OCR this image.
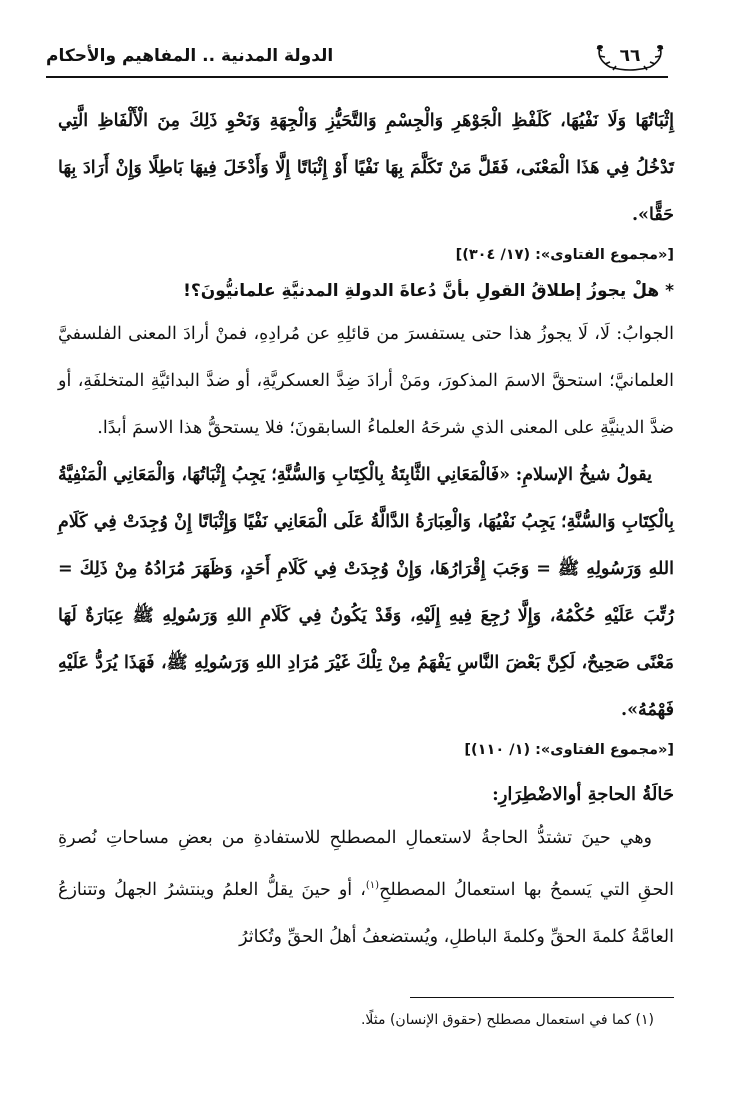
٦٦
الدولة المدنية .. المفاهيم والأحكام

إِثْبَاتُهَا وَلَا نَفْيُهَا، كَلَفْظِ الْجَوْهَرِ وَالْجِسْمِ وَالتَّحَيُّزِ وَالْجِهَةِ وَنَحْوِ ذَلِكَ مِنَ الْأَلْفَاظِ الَّتِي تَدْخُلُ فِي هَذَا الْمَعْنَى، فَقَلَّ مَنْ تَكَلَّمَ بِهَا نَفْيًا أَوْ إِثْبَاتًا إِلَّا وَأَدْخَلَ فِيهَا بَاطِلًا وَإِنْ أَرَادَ بِهَا حَقًّا».

[«مجموع الفتاوى»: (١٧/ ٣٠٤)]
* هلْ يجوزُ إطلاقُ القولِ بأنَّ دُعاةَ الدولةِ المدنيَّةِ علمانيُّونَ؟!

الجوابُ: لَا، لَا يجوزُ هذا حتى يستفسرَ من قائلِهِ عن مُرادِهِ، فمنْ أرادَ المعنى الفلسفيَّ العلمانيَّ؛ استحقَّ الاسمَ المذكورَ، ومَنْ أرادَ ضِدَّ العسكريَّةِ، أو ضدَّ البدائيَّةِ المتخلفَةِ، أو ضدَّ الدينيَّةِ على المعنى الذي شرحَهُ العلماءُ السابقونَ؛ فلا يستحقُّ هذا الاسمَ أبدًا.

يقولُ شيخُ الإسلامِ: «فَالْمَعَانِي الثَّابِتَةُ بِالْكِتَابِ وَالسُّنَّةِ؛ يَجِبُ إِثْبَاتُهَا، وَالْمَعَانِي الْمَنْفِيَّةُ بِالْكِتَابِ وَالسُّنَّةِ؛ يَجِبُ نَفْيُهَا، وَالْعِبَارَةُ الدَّالَّةُ عَلَى الْمَعَانِي نَفْيًا وَإِثْبَاتًا إِنْ وُجِدَتْ فِي كَلَامِ اللهِ وَرَسُولِهِ ﷺ = وَجَبَ إِقْرَارُهَا، وَإِنْ وُجِدَتْ فِي كَلَامِ أَحَدٍ، وَظَهَرَ مُرَادُهُ مِنْ ذَلِكَ = رُتِّبَ عَلَيْهِ حُكْمُهُ، وَإِلَّا رُجِعَ فِيهِ إِلَيْهِ، وَقَدْ يَكُونُ فِي كَلَامِ اللهِ وَرَسُولِهِ ﷺ عِبَارَةٌ لَهَا مَعْنًى صَحِيحٌ، لَكِنَّ بَعْضَ النَّاسِ يَفْهَمُ مِنْ تِلْكَ غَيْرَ مُرَادِ اللهِ وَرَسُولِهِ ﷺ، فَهَذَا يُرَدُّ عَلَيْهِ فَهْمُهُ».

[«مجموع الفتاوى»: (١/ ١١٠)]
حَالَةُ الحاجةِ أوالاضْطِرَارِ:

وهي حينَ تشتدُّ الحاجةُ لاستعمالِ المصطلحِ للاستفادةِ من بعضِ مساحاتِ نُصرةِ الحقِ التي يَسمحُ بها استعمالُ المصطلحِ$^{(١)}$، أو حينَ يقلُّ العلمُ وينتشرُ الجهلُ وتتنازعُ العامَّةُ كلمةَ الحقِّ وكلمةَ الباطلِ، ويُستضعفُ أهلُ الحقِّ وتُكاثرُ

(١) كما في استعمال مصطلح (حقوق الإنسان) مثلًا.
